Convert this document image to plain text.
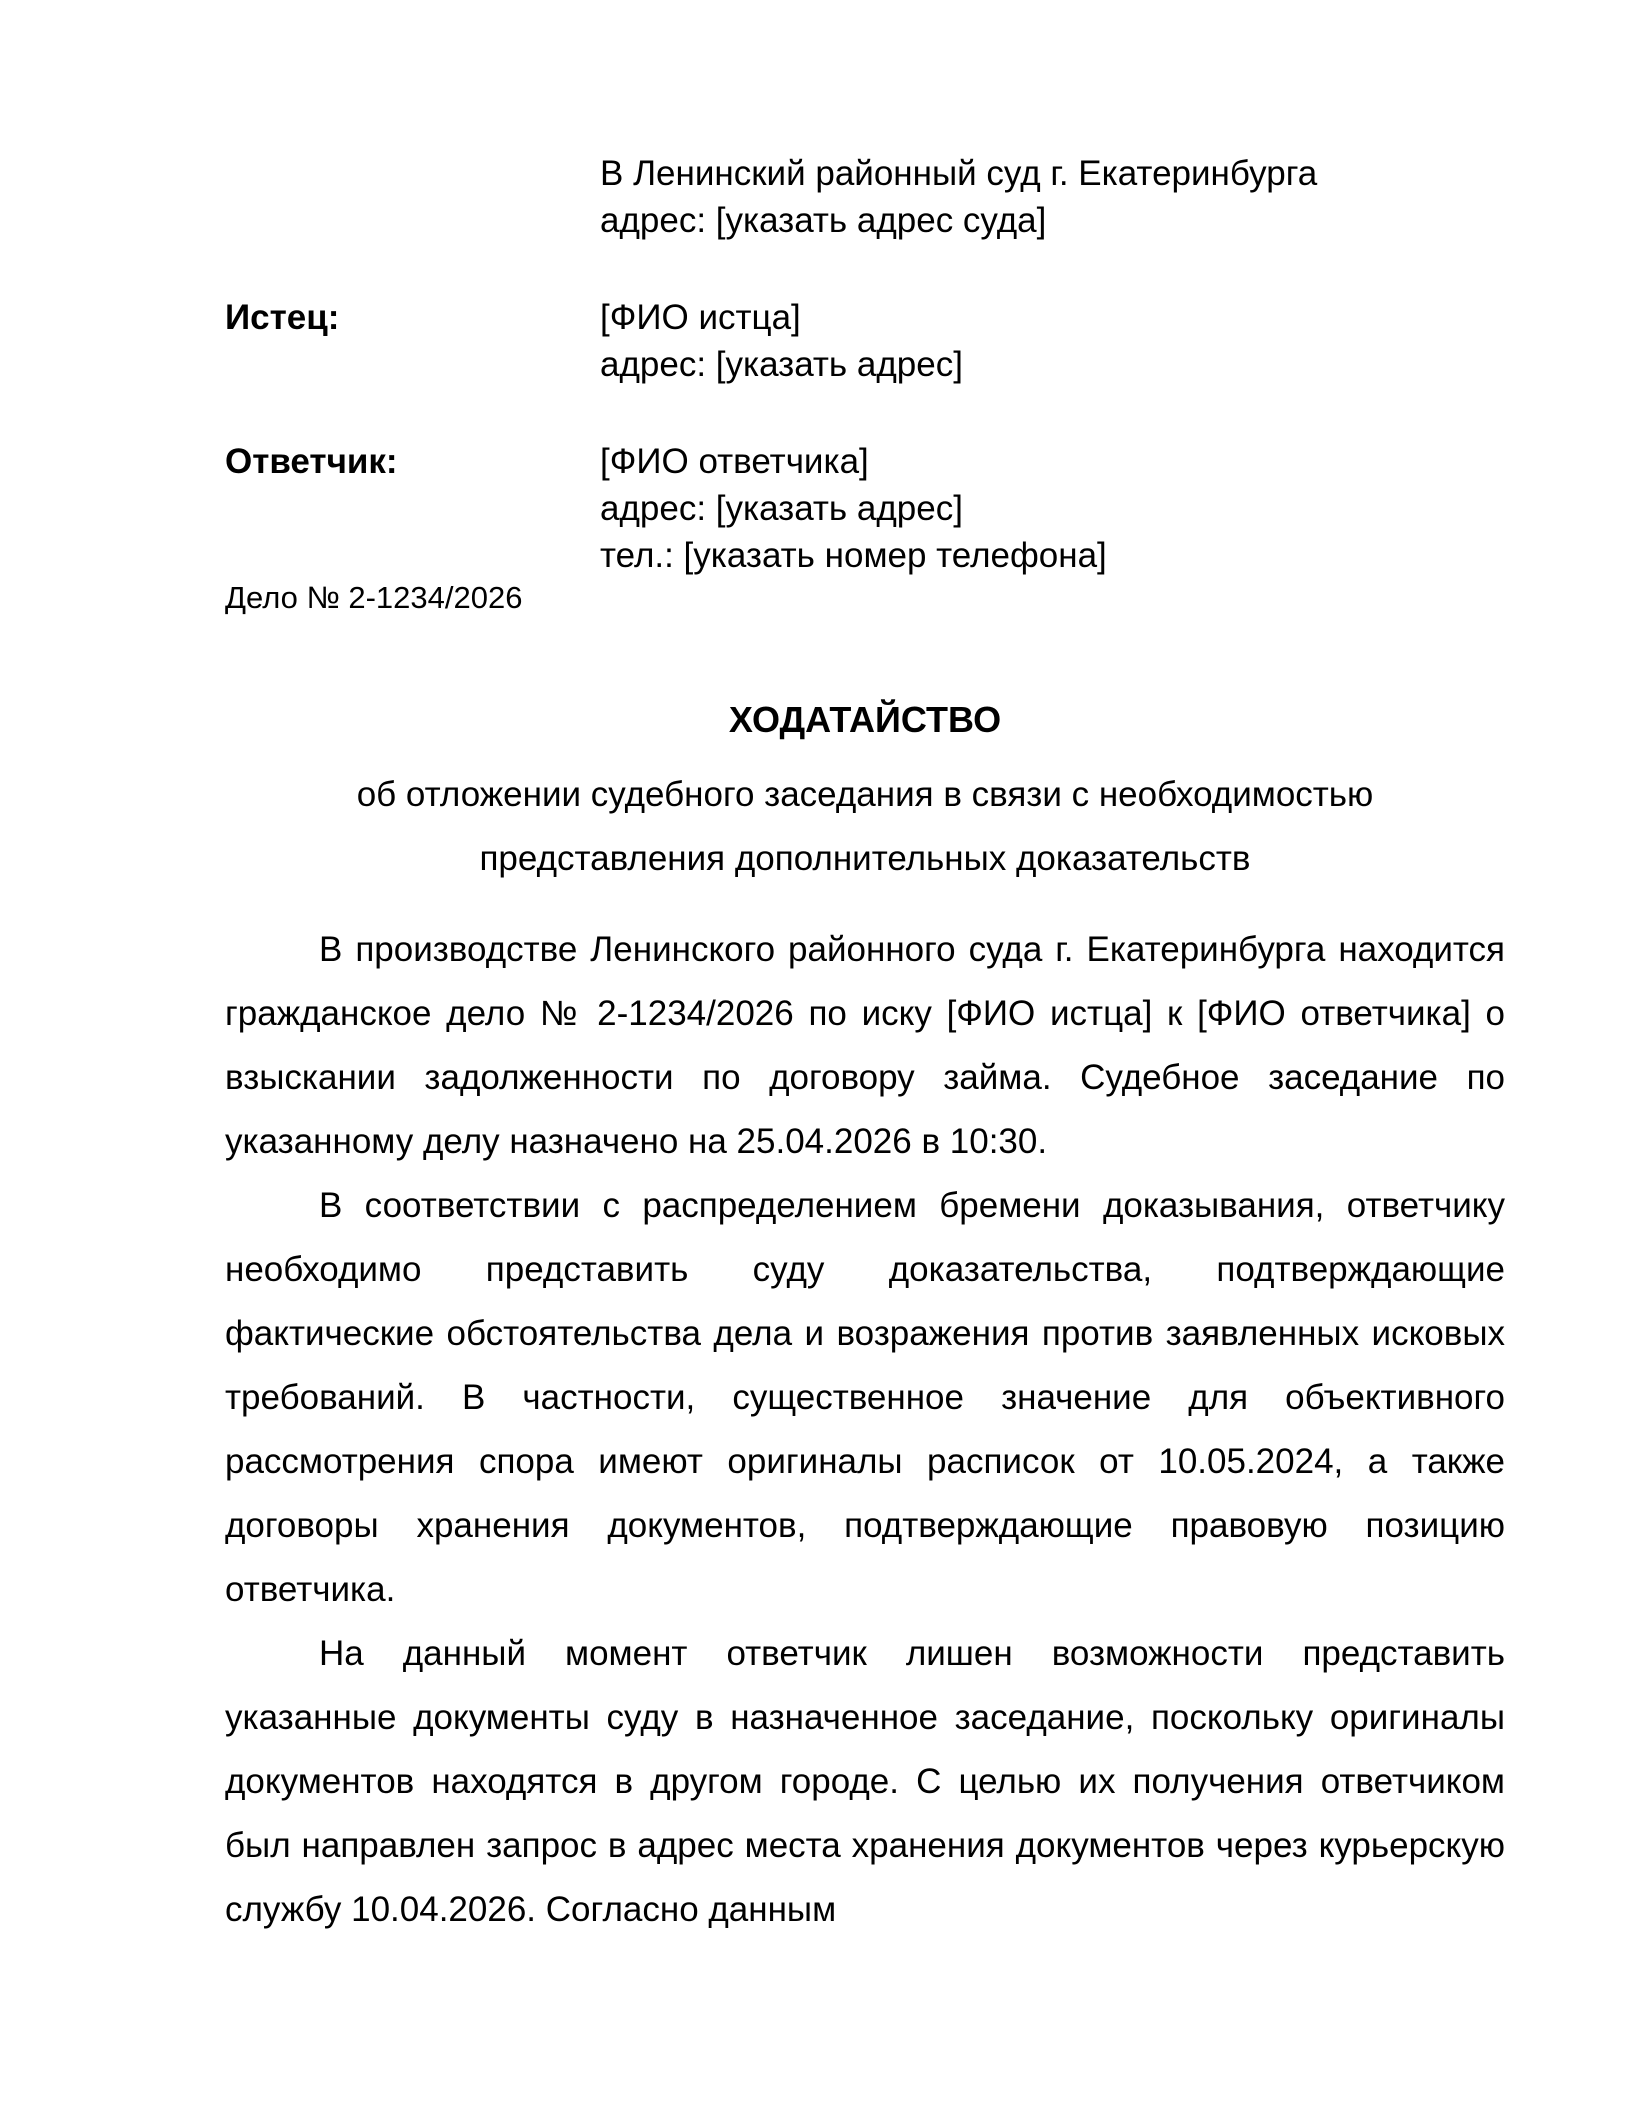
В Ленинский районный суд г. Екатеринбурга
адрес: [указать адрес суда]
Истец:	[ФИО истца]
адрес: [указать адрес]
Ответчик:	[ФИО ответчика]
адрес: [указать адрес]
тел.: [указать номер телефона]
Дело № 2-1234/2026
ХОДАТАЙСТВО
об отложении судебного заседания в связи с необходимостью
представления дополнительных доказательств

В производстве Ленинского районного суда г. Екатеринбурга находится гражданское дело № 2-1234/2026 по иску [ФИО истца] к [ФИО ответчика] о взыскании задолженности по договору займа. Судебное заседание по указанному делу назначено на 25.04.2026 в 10:30.

В соответствии с распределением бремени доказывания, ответчику необходимо представить суду доказательства, подтверждающие фактические обстоятельства дела и возражения против заявленных исковых требований. В частности, существенное значение для объективного рассмотрения спора имеют оригиналы расписок от 10.05.2024, а также договоры хранения документов, подтверждающие правовую позицию ответчика.

На данный момент ответчик лишен возможности представить указанные документы суду в назначенное заседание, поскольку оригиналы документов находятся в другом городе. С целью их получения ответчиком был направлен запрос в адрес места хранения документов через курьерскую службу 10.04.2026. Согласно данным
